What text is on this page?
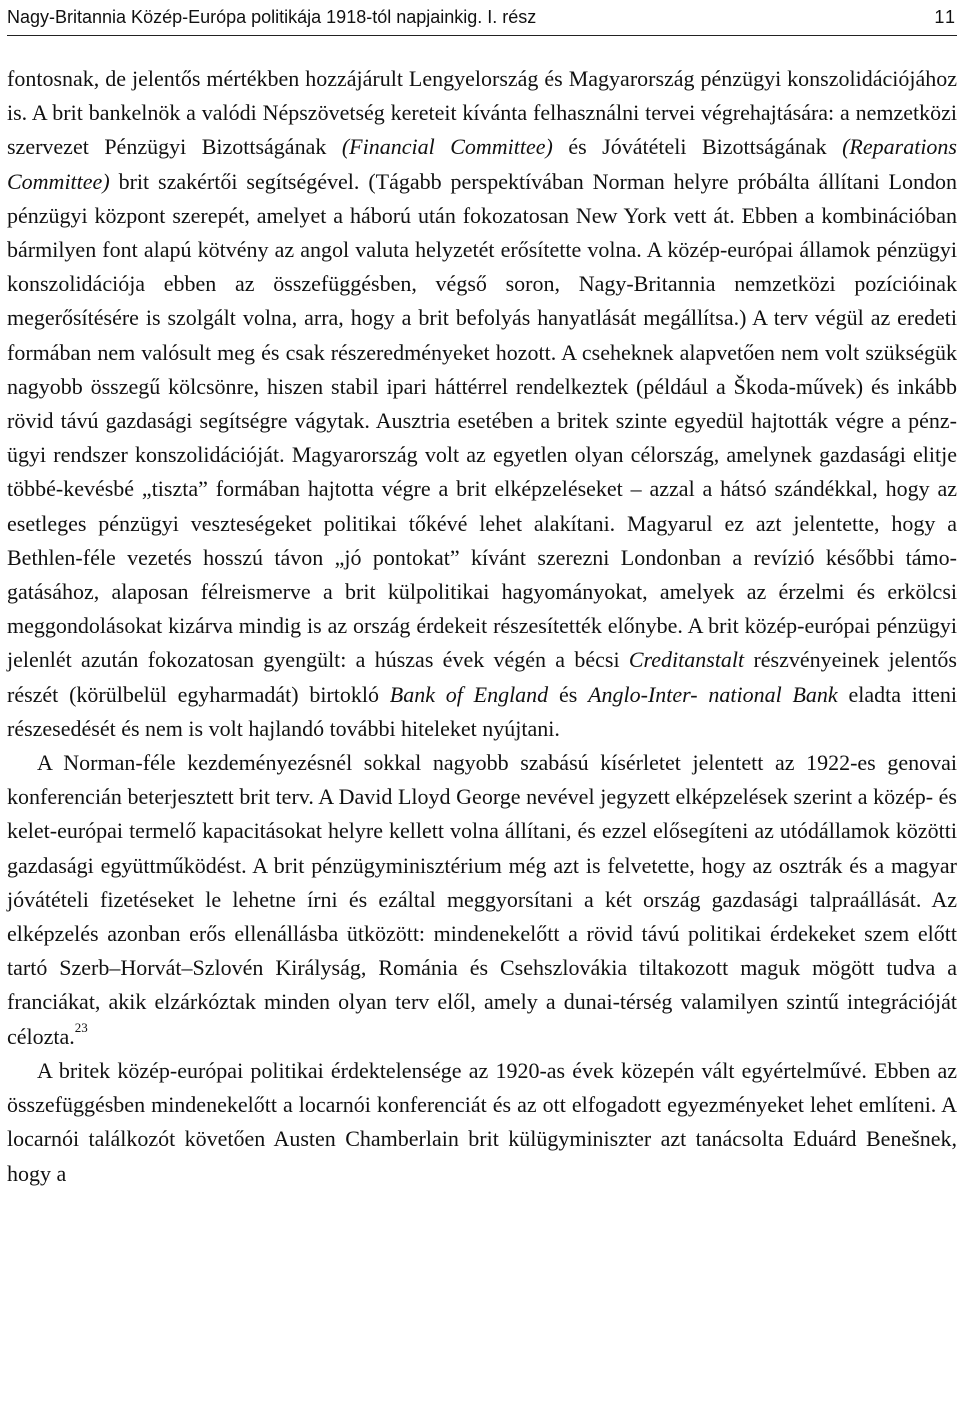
Nagy-Britannia Közép-Európa politikája 1918-tól napjainkig. I. rész	11

fontosnak, de jelentős mértékben hozzájárult Lengyelország és Magyarország pénzügyi konszolidációjához is. A brit bankelnök a valódi Népszövetség kereteit kívánta felhasználni tervei végrehajtására: a nemzetközi szervezet Pénzügyi Bizottságának (Financial Committee) és Jóvátételi Bizottságának (Reparations Committee) brit szakértői segítségével. (Tágabb perspektívában Norman helyre próbálta állítani London pénzügyi központ szerepét, amelyet a háború után fokozatosan New York vett át. Ebben a kombinációban bármilyen font alapú kötvény az angol valuta helyzetét erősítette volna. A közép-európai államok pénzügyi konszolidációja ebben az összefüggésben, végső soron, Nagy-Britannia nemzetközi pozícióinak megerősítésére is szolgált volna, arra, hogy a brit befolyás hanyatlását megállítsa.) A terv végül az eredeti formában nem valósult meg és csak részeredményeket hozott. A cseheknek alapvetően nem volt szükségük nagyobb összegű kölcsönre, hiszen stabil ipari háttérrel rendelkeztek (például a Škoda-művek) és inkább rövid távú gazdasági segítségre vágytak. Ausztria esetében a britek szinte egyedül hajtották végre a pénzügyi rendszer konszolidációját. Magyarország volt az egyetlen olyan célország, amelynek gazdasági elitje többé-kevésbé „tiszta” formában hajtotta végre a brit elképzeléseket – azzal a hátsó szándékkal, hogy az esetleges pénzügyi veszteségeket politikai tőkévé lehet alakítani. Magyarul ez azt jelentette, hogy a Bethlen-féle vezetés hosszú távon „jó pontokat” kívánt szerezni Londonban a revízió későbbi támogatásához, alaposan félreismerve a brit külpolitikai hagyományokat, amelyek az érzelmi és erkölcsi meggondolásokat kizárva mindig is az ország érdekeit részesítették előnybe. A brit közép-európai pénzügyi jelenlét azután fokozatosan gyengült: a húszas évek végén a bécsi Creditanstalt részvényeinek jelentős részét (körülbelül egyharmadát) birtokló Bank of England és Anglo-Inter- national Bank eladta itteni részesedését és nem is volt hajlandó további hiteleket nyújtani.

A Norman-féle kezdeményezésnél sokkal nagyobb szabású kísérletet jelentett az 1922-es genovai konferencián beterjesztett brit terv. A David Lloyd George nevével jegyzett elképzelések szerint a közép- és kelet-európai termelő kapacitásokat helyre kellett volna állítani, és ezzel elősegíteni az utódállamok közötti gazdasági együttműködést. A brit pénzügyminisztérium még azt is felvetette, hogy az osztrák és a magyar jóvátételi fizetéseket le lehetne írni és ezáltal meggyorsítani a két ország gazdasági talpraállását. Az elképzelés azonban erős ellenállásba ütközött: mindenekelőtt a rövid távú politikai érdekeket szem előtt tartó Szerb–Horvát–Szlovén Királyság, Románia és Csehszlovákia tiltakozott maguk mögött tudva a franciákat, akik elzárkóztak minden olyan terv elől, amely a dunai-térség valamilyen szintű integrációját célozta.$^{23}$

A britek közép-európai politikai érdektelensége az 1920-as évek közepén vált egyértelművé. Ebben az összefüggésben mindenekelőtt a locarnói konferenciát és az ott elfogadott egyezményeket lehet említeni. A locarnói találkozót követően Austen Chamberlain brit külügyminiszter azt tanácsolta Eduárd Benešnek, hogy a
